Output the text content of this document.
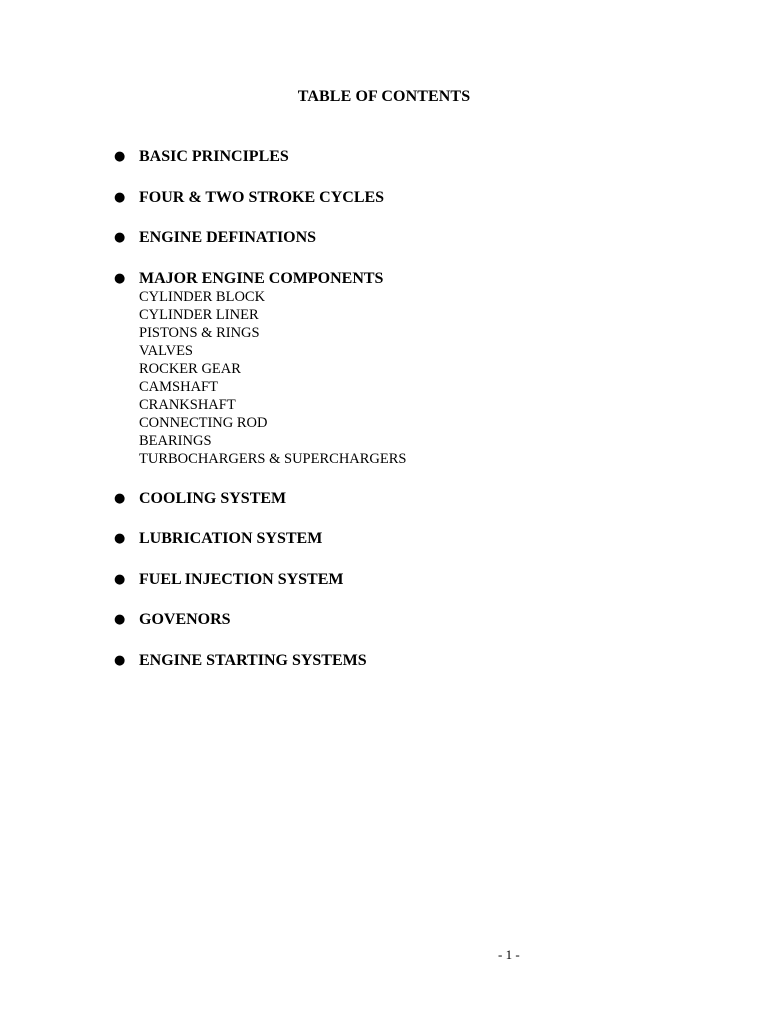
TABLE OF CONTENTS
● BASIC PRINCIPLES
● FOUR & TWO STROKE CYCLES
● ENGINE DEFINATIONS
● MAJOR ENGINE COMPONENTS
CYLINDER BLOCK
CYLINDER LINER
PISTONS & RINGS
VALVES
ROCKER GEAR
CAMSHAFT
CRANKSHAFT
CONNECTING ROD
BEARINGS
TURBOCHARGERS & SUPERCHARGERS
● COOLING SYSTEM
● LUBRICATION SYSTEM
● FUEL INJECTION SYSTEM
● GOVENORS
● ENGINE STARTING SYSTEMS
- 1 -
